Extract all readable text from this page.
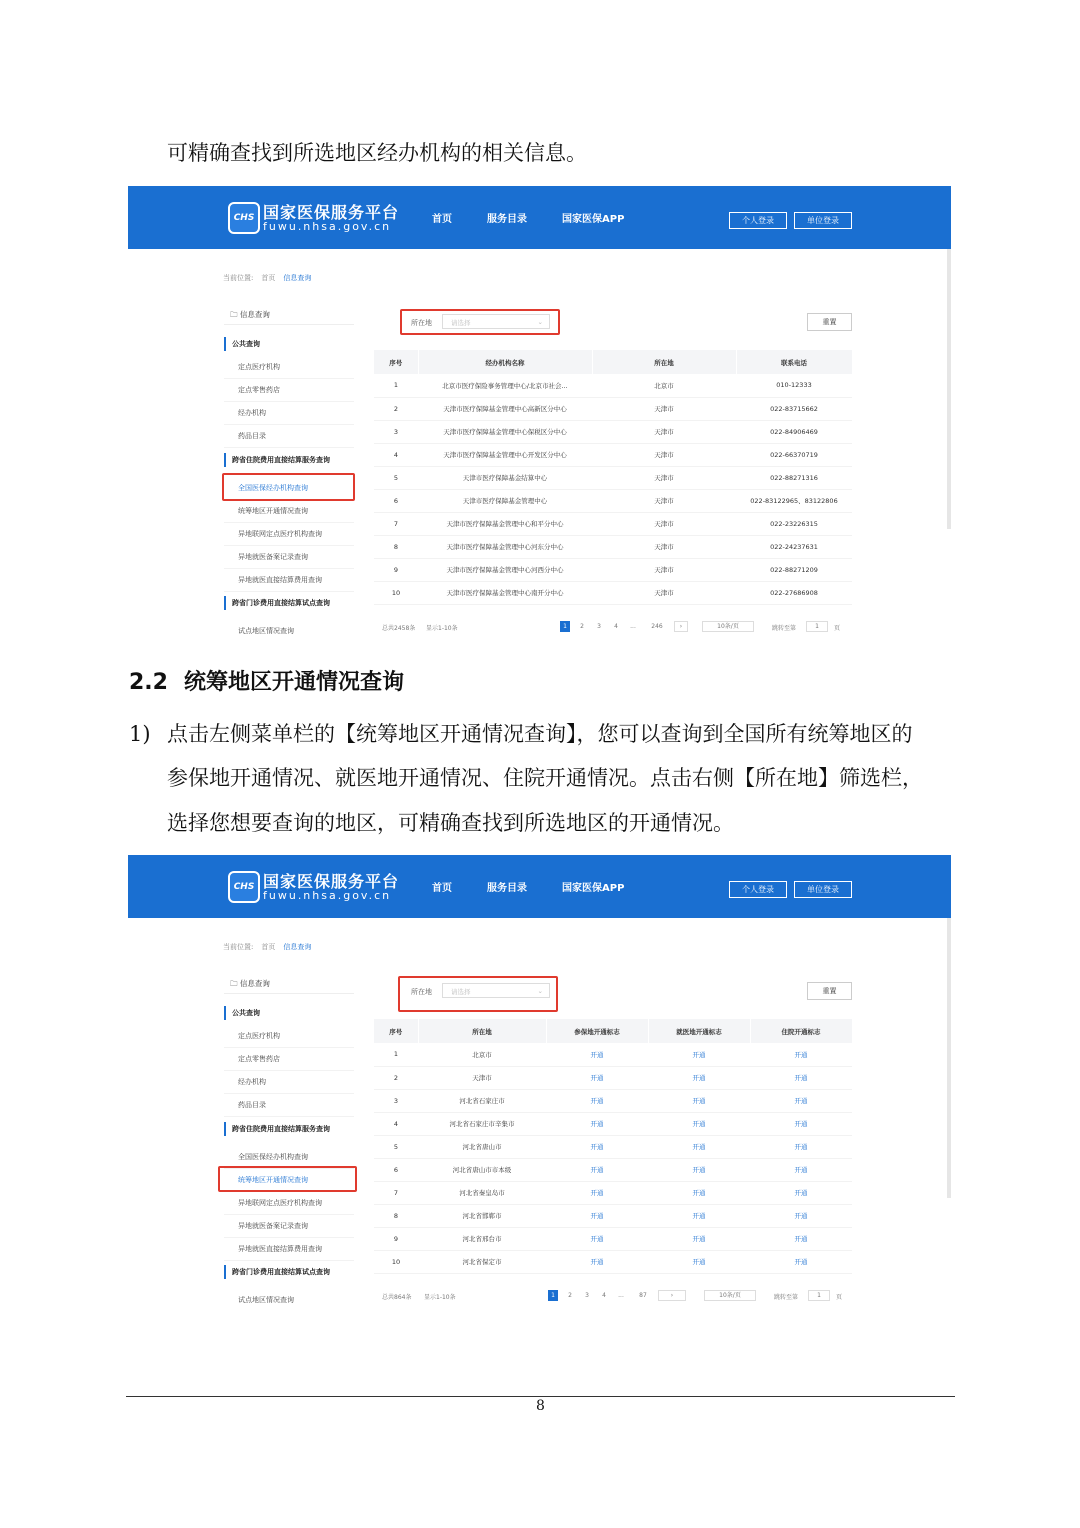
可精确查找到所选地区经办机构的相关信息。
CHS 国家医保服务平台
fuwu.nhsa.gov.cn
首页	服务目录	国家医保APP	个人登录	单位登录
当前位置: 首页 信息查询
🗀 信息查询
公共查询
定点医疗机构
定点零售药店
经办机构
药品目录
跨省住院费用直接结算服务查询
全国医保经办机构查询
统筹地区开通情况查询
异地联网定点医疗机构查询
异地就医备案记录查询
异地就医直接结算费用查询
跨省门诊费用直接结算试点查询
试点地区情况查询
所在地	请选择	⌄	重置
序号	经办机构名称	所在地	联系电话
1	北京市医疗保险事务管理中心/北京市社会...	北京市	010-12333
2	天津市医疗保障基金管理中心高新区分中心	天津市	022-83715662
3	天津市医疗保障基金管理中心保税区分中心	天津市	022-84906469
4	天津市医疗保障基金管理中心开发区分中心	天津市	022-66370719
5	天津市医疗保障基金结算中心	天津市	022-88271316
6	天津市医疗保障基金管理中心	天津市	022-83122965、83122806
7	天津市医疗保障基金管理中心和平分中心	天津市	022-23226315
8	天津市医疗保障基金管理中心河东分中心	天津市	022-24237631
9	天津市医疗保障基金管理中心河西分中心	天津市	022-88271209
10	天津市医疗保障基金管理中心南开分中心	天津市	022-27686908
总共2458条 显示1-10条	1	2	3	4	...	246	›	10条/页	跳转至第	1	页
2.2 统筹地区开通情况查询
1) 点击左侧菜单栏的【统筹地区开通情况查询】，您可以查询到全国所有统筹地区的
参保地开通情况、就医地开通情况、住院开通情况。点击右侧【所在地】筛选栏，
选择您想要查询的地区，可精确查找到所选地区的开通情况。
CHS 国家医保服务平台
fuwu.nhsa.gov.cn
首页	服务目录	国家医保APP	个人登录	单位登录
当前位置: 首页 信息查询
🗀 信息查询
公共查询
定点医疗机构
定点零售药店
经办机构
药品目录
跨省住院费用直接结算服务查询
全国医保经办机构查询
统筹地区开通情况查询
异地联网定点医疗机构查询
异地就医备案记录查询
异地就医直接结算费用查询
跨省门诊费用直接结算试点查询
试点地区情况查询
所在地	请选择	⌄	重置
序号	所在地	参保地开通标志	就医地开通标志	住院开通标志
1	北京市	开通	开通	开通
2	天津市	开通	开通	开通
3	河北省石家庄市	开通	开通	开通
4	河北省石家庄市辛集市	开通	开通	开通
5	河北省唐山市	开通	开通	开通
6	河北省唐山市市本级	开通	开通	开通
7	河北省秦皇岛市	开通	开通	开通
8	河北省邯郸市	开通	开通	开通
9	河北省邢台市	开通	开通	开通
10	河北省保定市	开通	开通	开通
总共864条 显示1-10条	1	2	3	4	...	87	›	10条/页	跳转至第	1	页
8
